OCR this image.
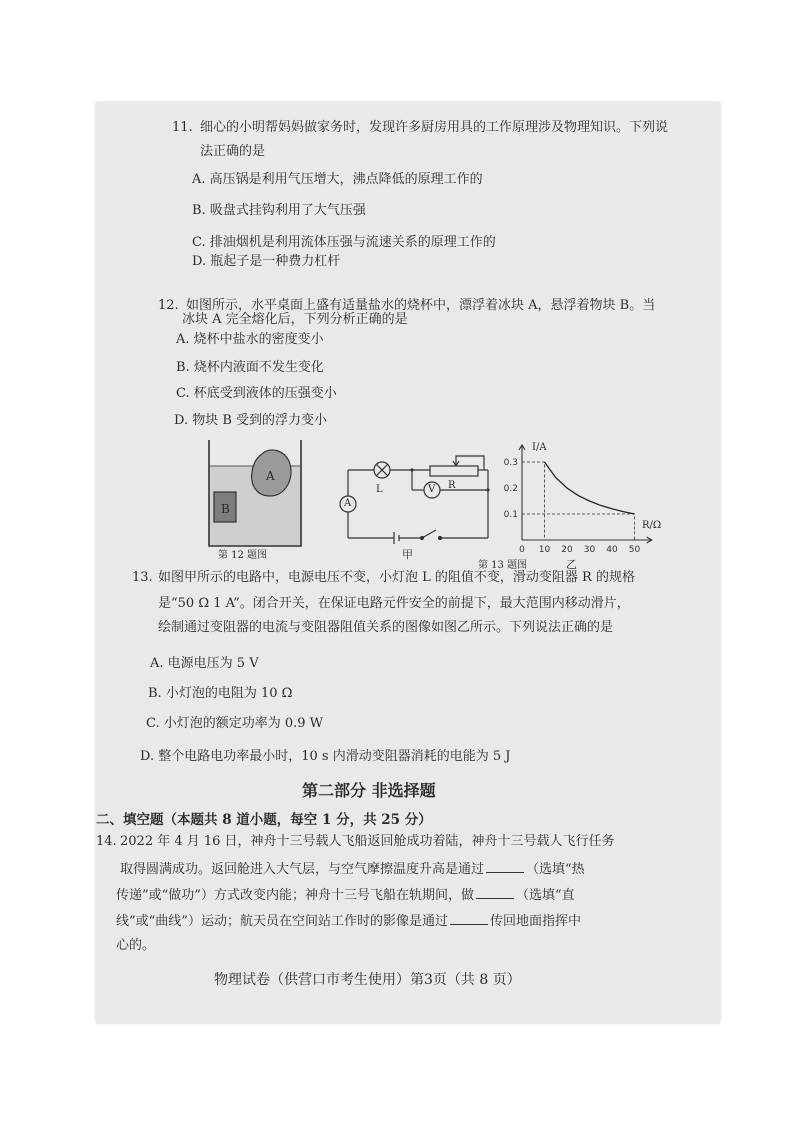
11. 细心的小明帮妈妈做家务时，发现许多厨房用具的工作原理涉及物理知识。下列说
法正确的是
A. 高压锅是利用气压增大，沸点降低的原理工作的
B. 吸盘式挂钩利用了大气压强
C. 排油烟机是利用流体压强与流速关系的原理工作的
D. 瓶起子是一种费力杠杆
12. 如图所示，水平桌面上盛有适量盐水的烧杯中，漂浮着冰块 A，悬浮着物块 B。当
冰块 A 完全熔化后，下列分析正确的是
A. 烧杯中盐水的密度变小
B. 烧杯内液面不发生变化
C. 杯底受到液体的压强变小
D. 物块 B 受到的浮力变小
A
B
第 12 题图
A
V
L	R
甲	0 10 20 30 40 50
0.1
0.2
0.3
I/A
R/Ω
第 13 题图	乙
13. 如图甲所示的电路中，电源电压不变，小灯泡 L 的阻值不变，滑动变阻器 R 的规格
是“50 Ω 1 A”。闭合开关，在保证电路元件安全的前提下，最大范围内移动滑片，
绘制通过变阻器的电流与变阻器阻值关系的图像如图乙所示。下列说法正确的是
A. 电源电压为 5 V
B. 小灯泡的电阻为 10 Ω
C. 小灯泡的额定功率为 0.9 W
D. 整个电路电功率最小时，10 s 内滑动变阻器消耗的电能为 5 J
第二部分 非选择题
二、填空题（本题共 8 道小题，每空 1 分，共 25 分）
14. 2022 年 4 月 16 日，神舟十三号载人飞船返回舱成功着陆，神舟十三号载人飞行任务
取得圆满成功。返回舱进入大气层，与空气摩擦温度升高是通过	（选填“热
传递”或“做功”）方式改变内能；神舟十三号飞船在轨期间，做	（选填“直
线”或“曲线”）运动；航天员在空间站工作时的影像是通过	传回地面指挥中
心的。
物理试卷（供营口市考生使用）第3页（共 8 页）
